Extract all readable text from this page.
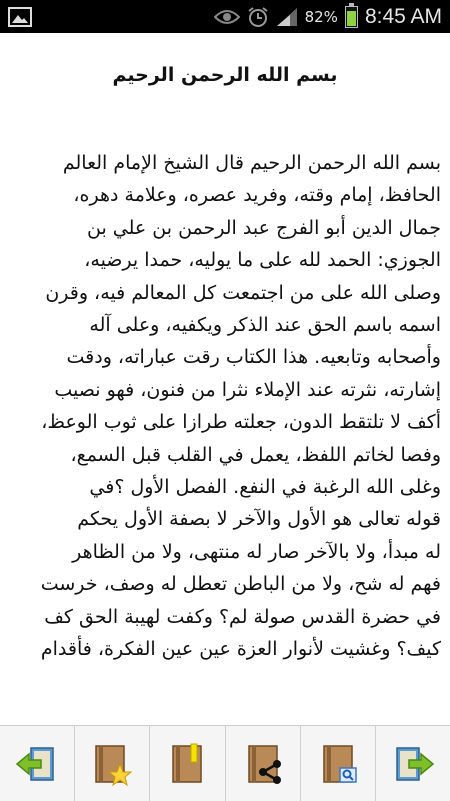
82% 8:45 AM
بسم الله الرحمن الرحيم
بسم الله الرحمن الرحيم قال الشيخ الإمام العالم
الحافظ، إمام وقته، وفريد عصره، وعلامة دهره،
جمال الدين أبو الفرج عبد الرحمن بن علي بن
الجوزي: الحمد لله على ما يوليه، حمدا يرضيه،
وصلى الله على من اجتمعت كل المعالم فيه، وقرن
اسمه باسم الحق عند الذكر ويكفيه، وعلى آله
وأصحابه وتابعيه. هذا الكتاب رقت عباراته، ودقت
إشارته، نثرته عند الإملاء نثرا من فنون، فهو نصيب
أكف لا تلتقط الدون، جعلته طرازا على ثوب الوعظ،
وفصا لخاتم اللفظ، يعمل في القلب قبل السمع،
وغلى الله الرغبة في النفع. الفصل الأول ؟في
قوله تعالى هو الأول والآخر لا بصفة الأول يحكم
له مبدأ، ولا بالآخر صار له منتهى، ولا من الظاهر
فهم له شح، ولا من الباطن تعطل له وصف، خرست
في حضرة القدس صولة لم؟ وكفت لهيبة الحق كف
كيف؟ وغشيت لأنوار العزة عين عين الفكرة، فأقدام
